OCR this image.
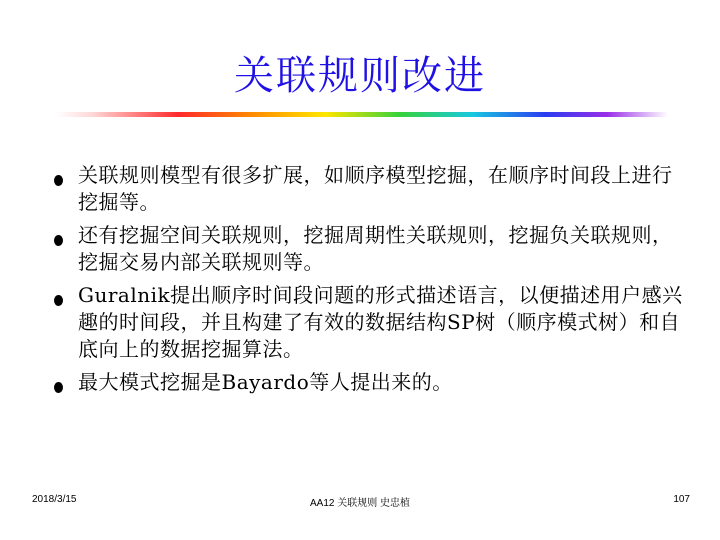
关联规则改进
关联规则模型有很多扩展，如顺序模型挖掘，在顺序时间段上进行挖掘等。
还有挖掘空间关联规则，挖掘周期性关联规则，挖掘负关联规则，挖掘交易内部关联规则等。
Guralnik提出顺序时间段问题的形式描述语言，以便描述用户感兴趣的时间段，并且构建了有效的数据结构SP树（顺序模式树）和自底向上的数据挖掘算法。
最大模式挖掘是Bayardo等人提出来的。
2018/3/15	AA12 关联规则 史忠植	107
